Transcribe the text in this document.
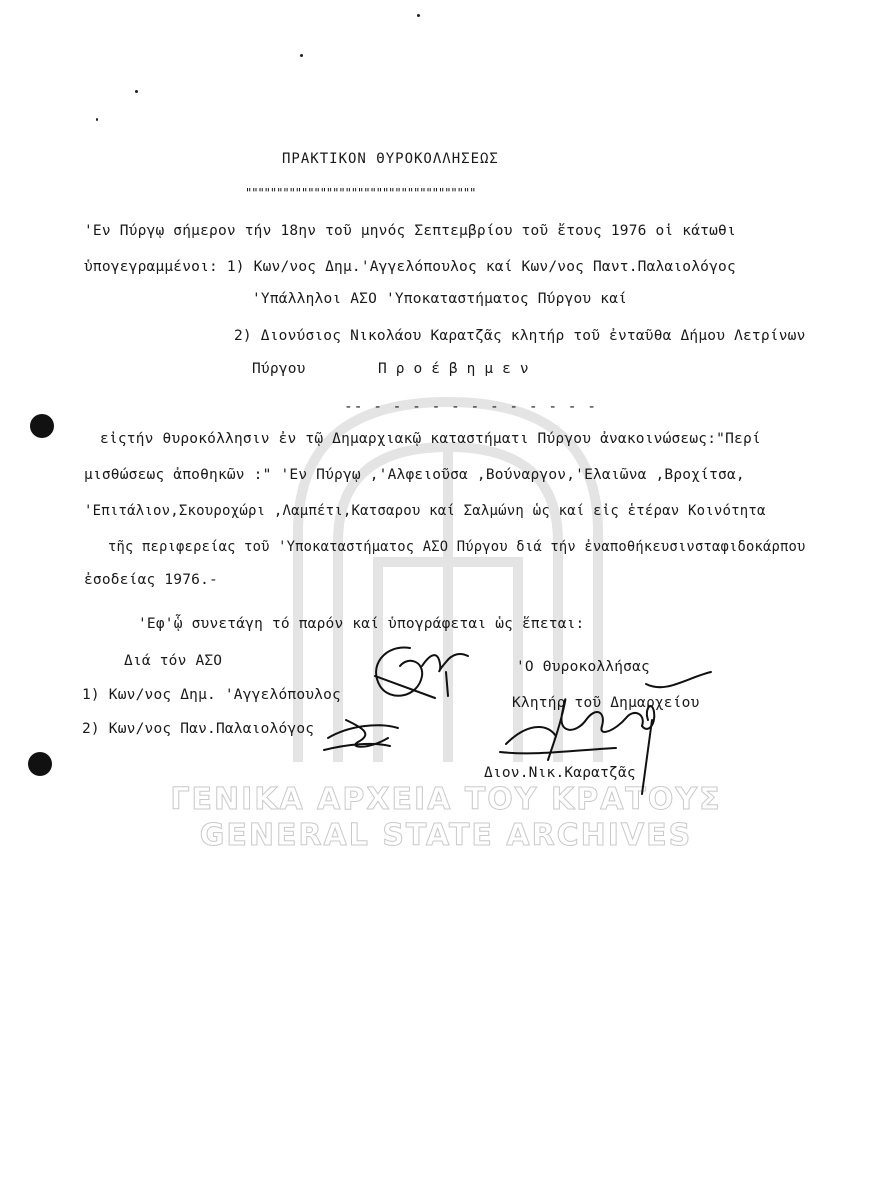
ΓΕΝΙΚΑ ΑΡΧΕΙΑ ΤΟΥ ΚΡΑΤΟΥΣ
GENERAL STATE ARCHIVES
ΠΡΑΚΤΙΚΟΝ ΘΥΡΟΚΟΛΛΗΣΕΩΣ
"""""""""""""""""""""""""""""""""""""
'Εν Πύργῳ σήμερον τήν 18ην τοῦ μηνός Σεπτεμβρίου τοῦ ἔτους 1976 οἱ κάτωθι
ὑπογεγραμμένοι: 1) Κων/νος Δημ.'Αγγελόπουλος καί Κων/νος Παντ.Παλαιολόγος
'Υπάλληλοι ΑΣΟ 'Υποκαταστήματος Πύργου καί
2) Διονύσιος Νικολάου Καρατζᾶς κλητήρ τοῦ ἐνταῦθα Δήμου Λετρίνων
Πύργου	Προέβημεν
-- - - - - - - - - - - - -
εἰςτήν θυροκόλλησιν ἐν τῷ Δημαρχιακῷ καταστήματι Πύργου ἀνακοινώσεως:"Περί
μισθώσεως ἀποθηκῶν :" 'Εν Πύργῳ ,'Αλφειοῦσα ,Βούναργον,'Ελαιῶνα ,Βροχίτσα,
'Επιτάλιον,Σκουροχώρι ,Λαμπέτι,Κατσαρου καί Σαλμώνη ὡς καί εἰς ἑτέραν Κοινότητα
τῆς περιφερείας τοῦ 'Υποκαταστήματος ΑΣΟ Πύργου διά τήν ἐναποθήκευσινσταφιδοκάρπου
ἐσοδείας 1976.-
'Εφ'ᾧ συνετάγη τό παρόν καί ὑπογράφεται ὡς ἕπεται:
Διά τόν ΑΣΟ
1) Κων/νος Δημ. 'Αγγελόπουλος
2) Κων/νος Παν.Παλαιολόγος
'Ο Θυροκολλήσας
Κλητήρ τοῦ Δημαρχείου
Διον.Νικ.Καρατζᾶς
